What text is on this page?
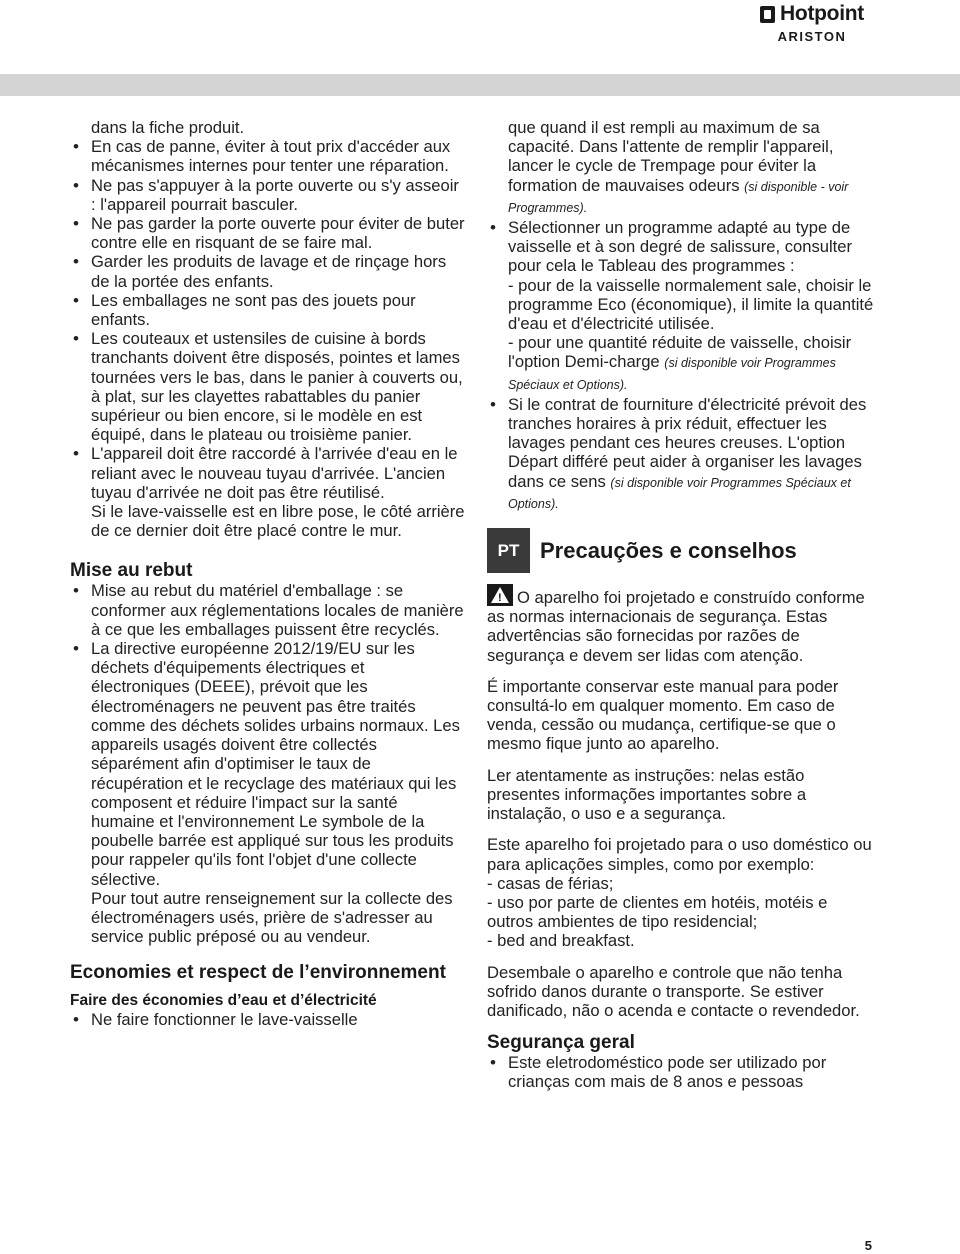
Hotpoint
ARISTON

dans la fiche produit.

• En cas de panne, éviter à tout prix d'accéder aux mécanismes internes pour tenter une réparation.
• Ne pas s'appuyer à la porte ouverte ou s'y asseoir : l'appareil pourrait basculer.
• Ne pas garder la porte ouverte pour éviter de buter contre elle en risquant de se faire mal.
• Garder les produits de lavage et de rinçage hors de la portée des enfants.
• Les emballages ne sont pas des jouets pour enfants.
• Les couteaux et ustensiles de cuisine à bords tranchants doivent être disposés, pointes et lames tournées vers le bas, dans le panier à couverts ou, à plat, sur les clayettes rabattables du panier supérieur ou bien encore, si le modèle en est équipé, dans le plateau ou troisième panier.
• L'appareil doit être raccordé à l'arrivée d'eau en le reliant avec le nouveau tuyau d'arrivée. L'ancien tuyau d'arrivée ne doit pas être réutilisé.

Si le lave-vaisselle est en libre pose, le côté arrière de ce dernier doit être placé contre le mur.

Mise au rebut

• Mise au rebut du matériel d'emballage : se conformer aux réglementations locales de manière à ce que les emballages puissent être recyclés.
• La directive européenne 2012/19/EU sur les déchets d'équipements électriques et électroniques (DEEE), prévoit que les électroménagers ne peuvent pas être traités comme des déchets solides urbains normaux. Les appareils usagés doivent être collectés séparément afin d'optimiser le taux de récupération et le recyclage des matériaux qui les composent et réduire l'impact sur la santé humaine et l'environnement Le symbole de la poubelle barrée est appliqué sur tous les produits pour rappeler qu'ils font l'objet d'une collecte sélective.

Pour tout autre renseignement sur la collecte des électroménagers usés, prière de s'adresser au service public préposé ou au vendeur.

Economies et respect de l’environnement

Faire des économies d’eau et d’électricité

• Ne faire fonctionner le lave-vaisselle

que quand il est rempli au maximum de sa capacité. Dans l'attente de remplir l'appareil, lancer le cycle de Trempage pour éviter la formation de mauvaises odeurs (si disponible - voir Programmes).

• Sélectionner un programme adapté au type de vaisselle et à son degré de salissure, consulter pour cela le Tableau des programmes :
- pour de la vaisselle normalement sale, choisir le programme Eco (économique), il limite la quantité d'eau et d'électricité utilisée.
- pour une quantité réduite de vaisselle, choisir l'option Demi-charge (si disponible voir Programmes Spéciaux et Options).
• Si le contrat de fourniture d'électricité prévoit des tranches horaires à prix réduit, effectuer les lavages pendant ces heures creuses. L'option Départ différé peut aider à organiser les lavages dans ce sens (si disponible voir Programmes Spéciaux et Options).
PT Precauções e conselhos

!
O aparelho foi projetado e construído conforme as normas internacionais de segurança. Estas advertências são fornecidas por razões de segurança e devem ser lidas com atenção.

É importante conservar este manual para poder consultá-lo em qualquer momento. Em caso de venda, cessão ou mudança, certifique-se que o mesmo fique junto ao aparelho.

Ler atentamente as instruções: nelas estão presentes informações importantes sobre a instalação, o uso e a segurança.

Este aparelho foi projetado para o uso doméstico ou para aplicações simples, como por exemplo:

- casas de férias;

- uso por parte de clientes em hotéis, motéis e outros ambientes de tipo residencial;

- bed and breakfast.

Desembale o aparelho e controle que não tenha sofrido danos durante o transporte. Se estiver danificado, não o acenda e contacte o revendedor.

Segurança geral

• Este eletrodoméstico pode ser utilizado por crianças com mais de 8 anos e pessoas
5
